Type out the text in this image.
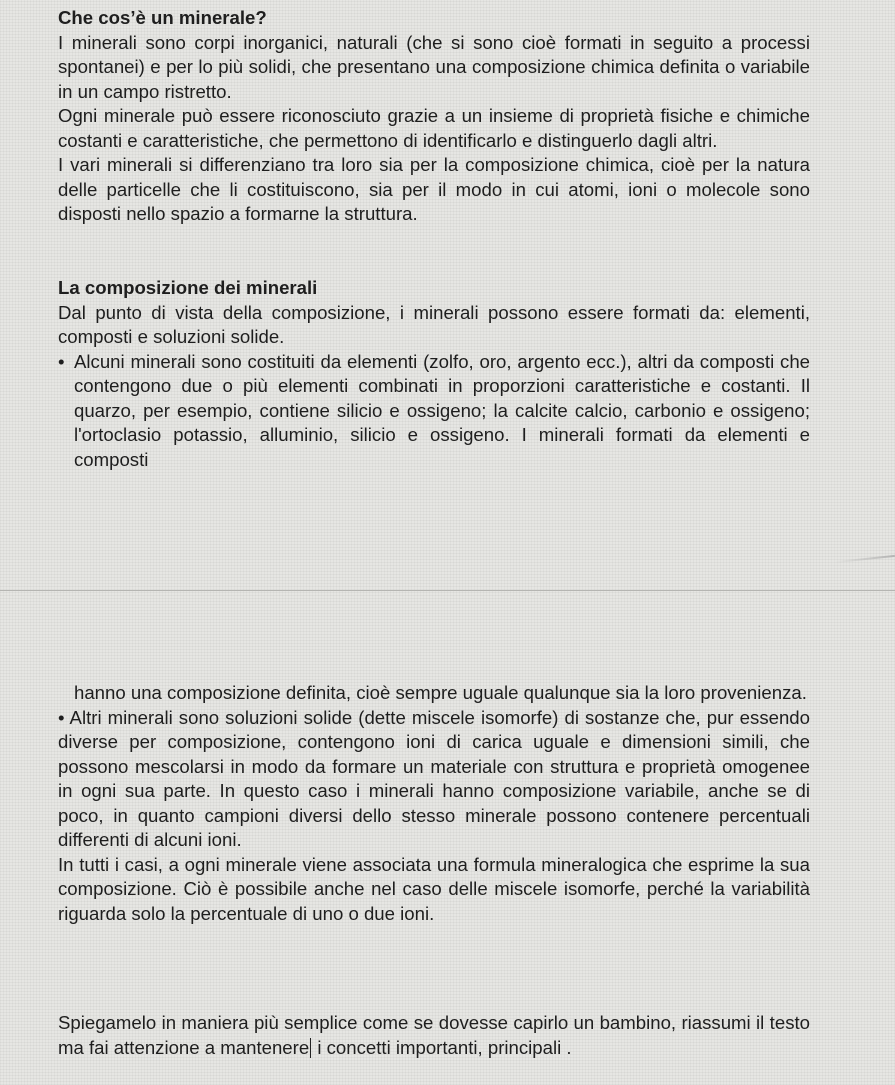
Che cos’è un minerale?

I minerali sono corpi inorganici, naturali (che si sono cioè formati in seguito a processi spontanei) e per lo più solidi, che presentano una composizione chimica definita o variabile in un campo ristretto.

Ogni minerale può essere riconosciuto grazie a un insieme di proprietà fisiche e chimiche costanti e caratteristiche, che permettono di identificarlo e distinguerlo dagli altri.

I vari minerali si differenziano tra loro sia per la composizione chimica, cioè per la natura delle particelle che li costituiscono, sia per il modo in cui atomi, ioni o molecole sono disposti nello spazio a formarne la struttura.

La composizione dei minerali

Dal punto di vista della composizione, i minerali possono essere formati da: elementi, composti e soluzioni solide.

• Alcuni minerali sono costituiti da elementi (zolfo, oro, argento ecc.), altri da composti che contengono due o più elementi combinati in proporzioni caratteristiche e costanti. Il quarzo, per esempio, contiene silicio e ossigeno; la calcite calcio, carbonio e ossigeno; l'ortoclasio potassio, alluminio, silicio e ossigeno. I minerali formati da elementi e composti

hanno una composizione definita, cioè sempre uguale qualunque sia la loro provenienza.

• Altri minerali sono soluzioni solide (dette miscele isomorfe) di sostanze che, pur essendo diverse per composizione, contengono ioni di carica uguale e dimensioni simili, che possono mescolarsi in modo da formare un materiale con struttura e proprietà omogenee in ogni sua parte. In questo caso i minerali hanno composizione variabile, anche se di poco, in quanto campioni diversi dello stesso minerale possono contenere percentuali differenti di alcuni ioni.

In tutti i casi, a ogni minerale viene associata una formula mineralogica che esprime la sua composizione. Ciò è possibile anche nel caso delle miscele isomorfe, perché la variabilità riguarda solo la percentuale di uno o due ioni.

Spiegamelo in maniera più semplice come se dovesse capirlo un bambino, riassumi il testo ma fai attenzione a mantenere i concetti importanti, principali .
